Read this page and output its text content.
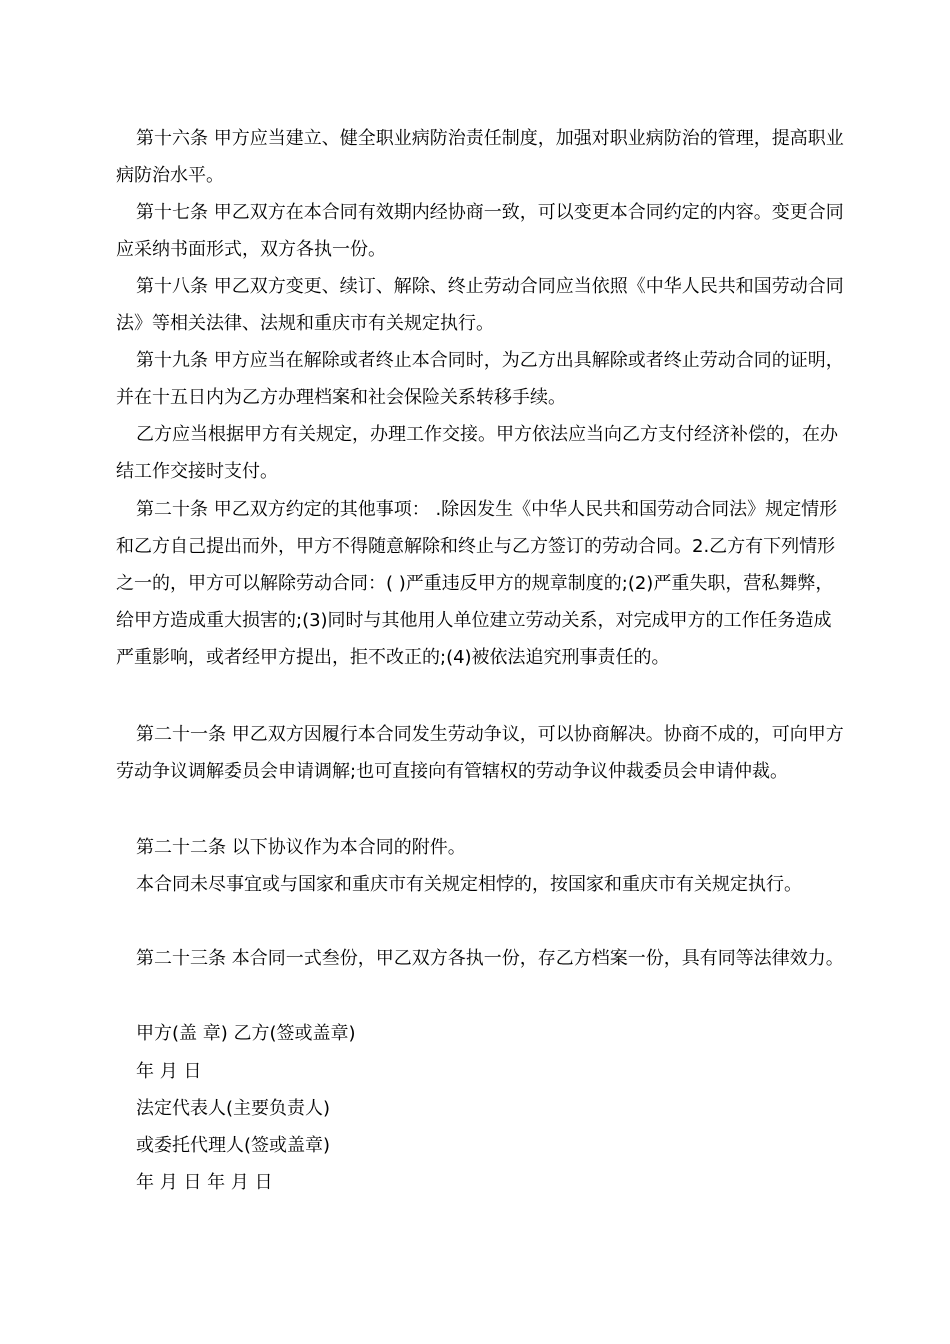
第十六条 甲方应当建立、健全职业病防治责任制度，加强对职业病防治的管理，提高职业病防治水平。

第十七条 甲乙双方在本合同有效期内经协商一致，可以变更本合同约定的内容。变更合同应采纳书面形式，双方各执一份。

第十八条 甲乙双方变更、续订、解除、终止劳动合同应当依照《中华人民共和国劳动合同法》等相关法律、法规和重庆市有关规定执行。

第十九条 甲方应当在解除或者终止本合同时，为乙方出具解除或者终止劳动合同的证明，并在十五日内为乙方办理档案和社会保险关系转移手续。

乙方应当根据甲方有关规定，办理工作交接。甲方依法应当向乙方支付经济补偿的，在办结工作交接时支付。

第二十条 甲乙双方约定的其他事项： .除因发生《中华人民共和国劳动合同法》规定情形和乙方自己提出而外，甲方不得随意解除和终止与乙方签订的劳动合同。2.乙方有下列情形之一的，甲方可以解除劳动合同：( )严重违反甲方的规章制度的;(2)严重失职，营私舞弊，给甲方造成重大损害的;(3)同时与其他用人单位建立劳动关系，对完成甲方的工作任务造成严重影响，或者经甲方提出，拒不改正的;(4)被依法追究刑事责任的。

第二十一条 甲乙双方因履行本合同发生劳动争议，可以协商解决。协商不成的，可向甲方劳动争议调解委员会申请调解;也可直接向有管辖权的劳动争议仲裁委员会申请仲裁。

第二十二条 以下协议作为本合同的附件。

本合同未尽事宜或与国家和重庆市有关规定相悖的，按国家和重庆市有关规定执行。

第二十三条 本合同一式叁份，甲乙双方各执一份，存乙方档案一份，具有同等法律效力。

甲方(盖 章) 乙方(签或盖章)

年 月 日

法定代表人(主要负责人)

或委托代理人(签或盖章)

年 月 日 年 月 日
